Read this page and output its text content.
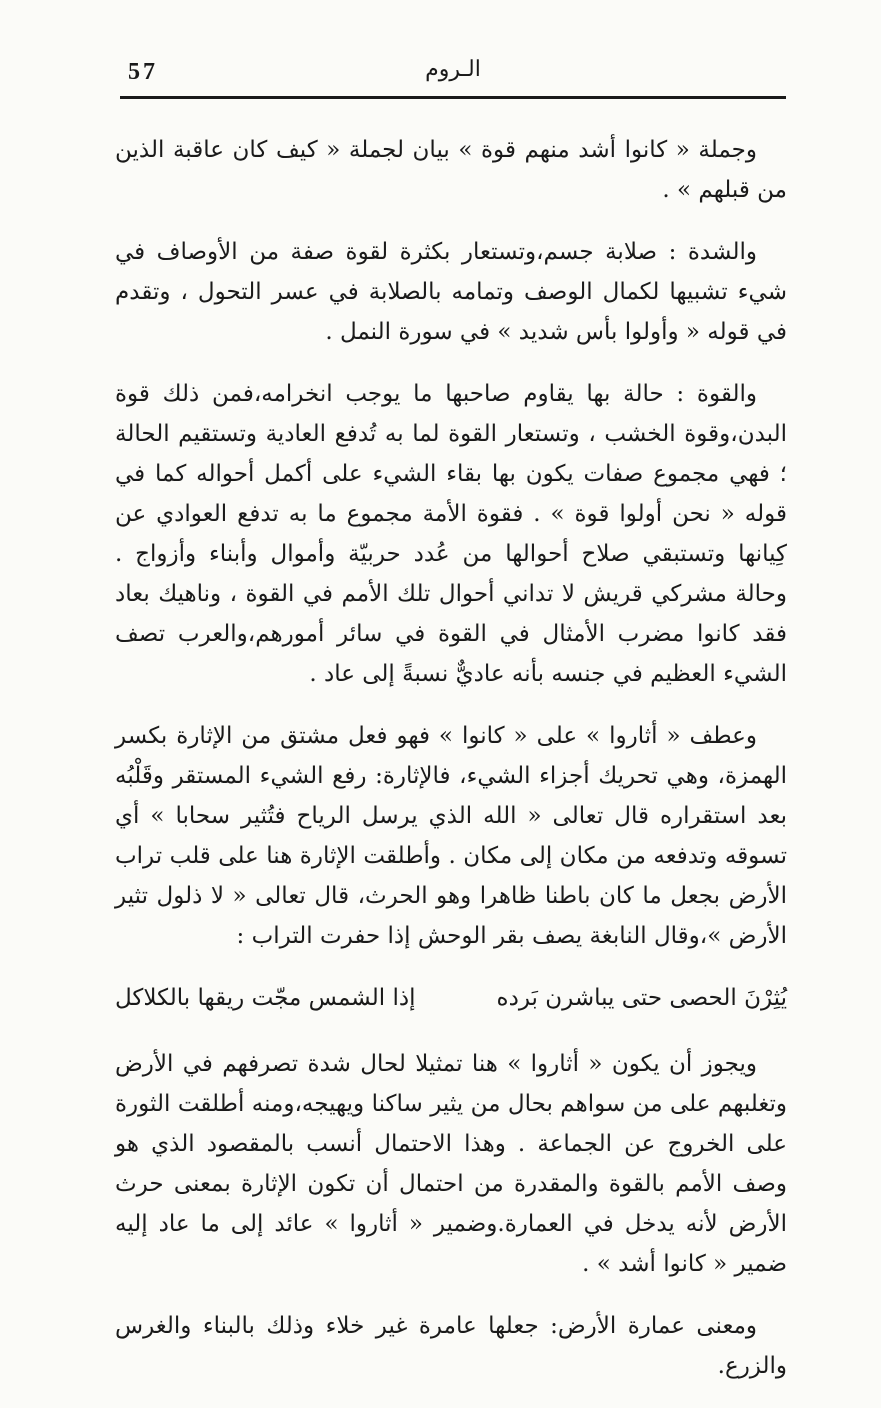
57	الـروم

وجملة « كانوا أشد منهم قوة » بيان لجملة « كيف كان عاقبة الذين من قبلهم » .

والشدة : صلابة جسم،وتستعار بكثرة لقوة صفة من الأوصاف في شيء تشبيها لكمال الوصف وتمامه بالصلابة في عسر التحول ، وتقدم في قوله « وأولوا بأس شديد » في سورة النمل .

والقوة : حالة بها يقاوم صاحبها ما يوجب انخرامه،فمن ذلك قوة البدن،وقوة الخشب ، وتستعار القوة لما به تُدفع العادية وتستقيم الحالة ؛ فهي مجموع صفات يكون بها بقاء الشيء على أكمل أحواله كما في قوله « نحن أولوا قوة » . فقوة الأمة مجموع ما به تدفع العوادي عن كِيانها وتستبقي صلاح أحوالها من عُدد حربيّة وأموال وأبناء وأزواج . وحالة مشركي قريش لا تداني أحوال تلك الأمم في القوة ، وناهيك بعاد فقد كانوا مضرب الأمثال في القوة في سائر أمورهم،والعرب تصف الشيء العظيم في جنسه بأنه عاديٌّ نسبةً إلى عاد .

وعطف « أثاروا » على « كانوا » فهو فعل مشتق من الإثارة بكسر الهمزة، وهي تحريك أجزاء الشيء، فالإثارة: رفع الشيء المستقر وقَلْبُه بعد استقراره قال تعالى « الله الذي يرسل الرياح فتُثير سحابا » أي تسوقه وتدفعه من مكان إلى مكان . وأطلقت الإثارة هنا على قلب تراب الأرض بجعل ما كان باطنا ظاهرا وهو الحرث، قال تعالى « لا ذلول تثير الأرض »،وقال النابغة يصف بقر الوحش إذا حفرت التراب :

يُثِرْنَ الحصى حتى يباشرن بَرده
إذا الشمس مجّت ريقها بالكلاكل

ويجوز أن يكون « أثاروا » هنا تمثيلا لحال شدة تصرفهم في الأرض وتغلبهم على من سواهم بحال من يثير ساكنا ويهيجه،ومنه أطلقت الثورة على الخروج عن الجماعة . وهذا الاحتمال أنسب بالمقصود الذي هو وصف الأمم بالقوة والمقدرة من احتمال أن تكون الإثارة بمعنى حرث الأرض لأنه يدخل في العمارة.وضمير « أثاروا » عائد إلى ما عاد إليه ضمير « كانوا أشد » .

ومعنى عمارة الأرض: جعلها عامرة غير خلاء وذلك بالبناء والغرس والزرع.
